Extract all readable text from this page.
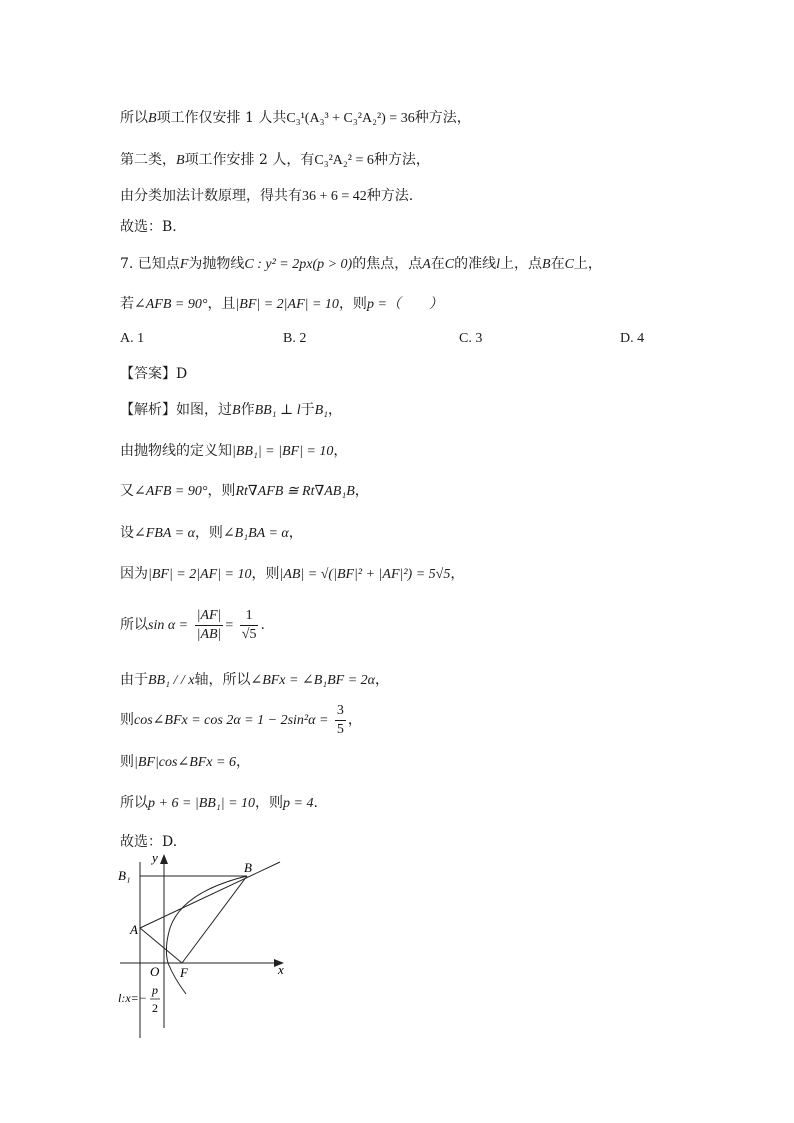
所以B项工作仅安排 1 人共C₃¹(A₃³ + C₃²A₂²) = 36种方法，
第二类，B项工作安排 2 人，有C₃²A₂² = 6种方法，
由分类加法计数原理，得共有36 + 6 = 42种方法.
故选：B.
7. 已知点F为抛物线C : y² = 2px(p > 0)的焦点，点A在C的准线l上，点B在C上，
若∠AFB = 90°，且|BF| = 2|AF| = 10，则p =（　　）
A. 1	B. 2	C. 3	D. 4
【答案】D
【解析】如图，过B作BB₁ ⊥ l于B₁，
由抛物线的定义知|BB₁| = |BF| = 10，
又∠AFB = 90°，则Rt∇AFB ≅ Rt∇AB₁B，
设∠FBA = α，则∠B₁BA = α，
因为|BF| = 2|AF| = 10，则|AB| = √(|BF|² + |AF|²) = 5√5，
所以$\sin \alpha = \frac{|AF|}{|AB|} = \frac{1}{√5}$ .
由于BB₁ / / x轴，所以∠BFx = ∠B₁BF = 2α，
则cos∠BFx = $\cos 2\alpha = 1 - 2\sin^2\alpha = \frac{3}{5}$ ，
则|BF|cos∠BFx = 6，
所以p + 6 = |BB₁| = 10，则p = 4.
故选：D.
y
x
O F
A
B
B₁
l:x=−
p
2
